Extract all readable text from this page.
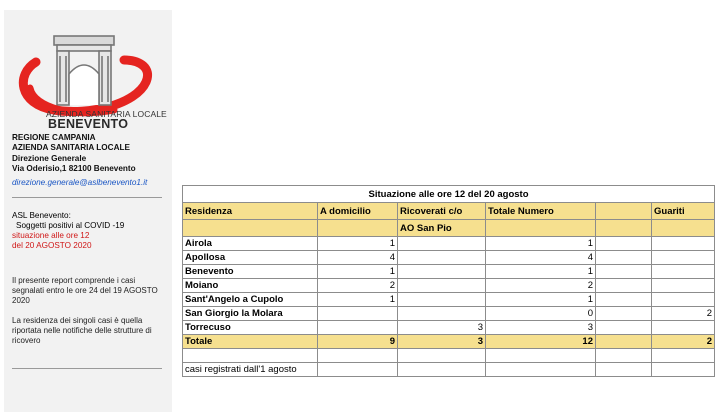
AZIENDA SANITARIA LOCALE
BENEVENTO
REGIONE CAMPANIA
AZIENDA SANITARIA LOCALE
Direzione Generale
Via Oderisio,1 82100 Benevento
direzione.generale@aslbenevento1.it
ASL Benevento:
Soggetti positivi al COVID -19
situazione alle ore 12
del 20 AGOSTO 2020
Il presente report comprende i casi segnalati entro le ore 24 del 19 AGOSTO 2020
La residenza dei singoli casi è quella riportata nelle notifiche delle strutture di ricovero
Situazione alle ore 12 del 20 agosto					
Residenza	A domicilio	Ricoverati c/o	Totale Numero		Guariti
		AO San Pio			
Airola	1		1		
Apollosa	4		4		
Benevento	1		1		
Moiano	2		2		
Sant'Angelo a Cupolo	1		1		
San Giorgio la Molara			0		2
Torrecuso		3	3		
Totale	9	3	12		2

casi registrati dall'1 agosto					
